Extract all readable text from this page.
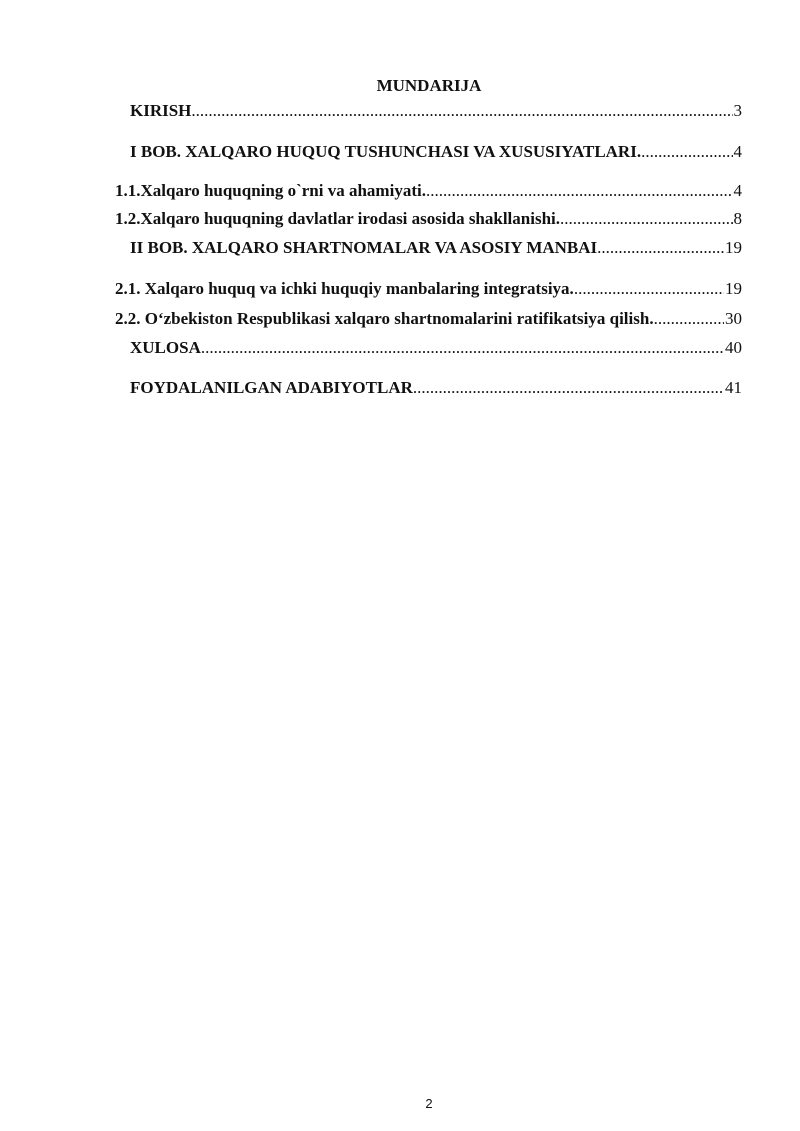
MUNDARIJA
KIRISH .....	3
I BOB. XALQARO HUQUQ TUSHUNCHASI VA XUSUSIYATLARI. .....	4
1.1. Xalqaro huquqning o`rni va ahamiyati. .....	4
1.2. Xalqaro huquqning davlatlar irodasi asosida shakllanishi. .....	8
II BOB. XALQARO SHARTNOMALAR VA ASOSIY MANBAI .....	19
2.1. Xalqaro huquq va ichki huquqiy manbalaring integratsiya. .....	19
2.2. O‘zbekiston Respublikasi xalqaro shartnomalarini ratifikatsiya qilish. .....	30
XULOSA .....	40
FOYDALANILGAN ADABIYOTLAR .....	41
2
